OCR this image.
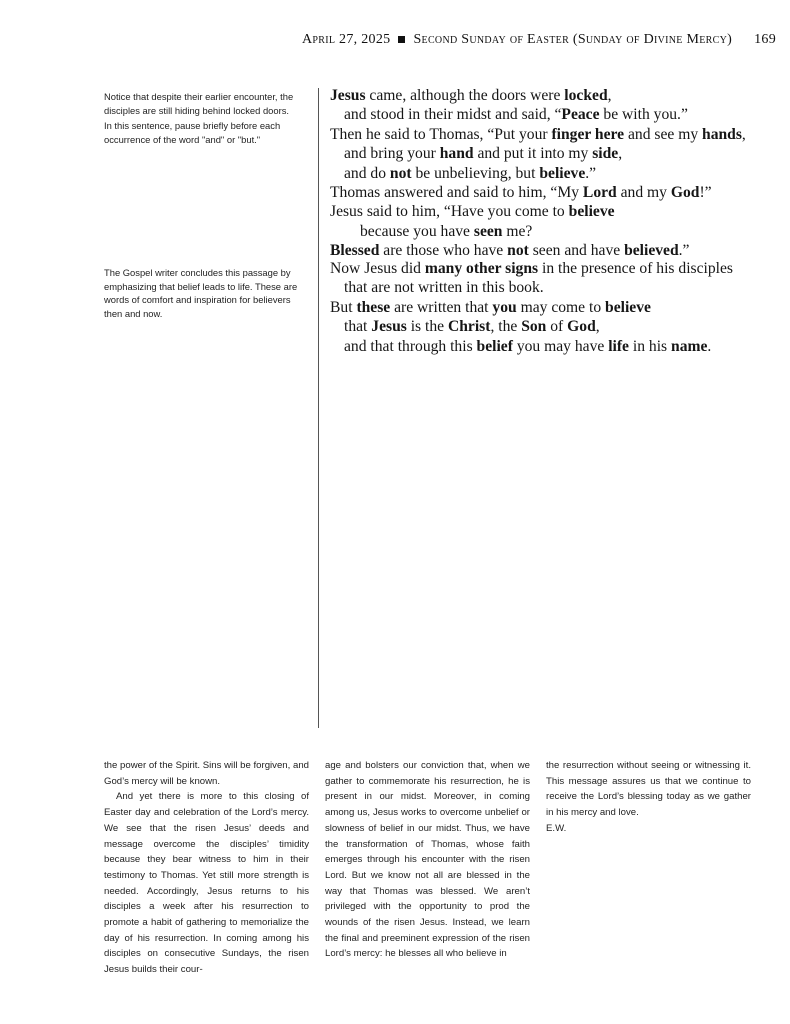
April 27, 2025 Second Sunday of Easter (Sunday of Divine Mercy) 169

Notice that despite their earlier encounter, the disciples are still hiding behind locked doors.

In this sentence, pause briefly before each occurrence of the word "and" or "but."

The Gospel writer concludes this passage by emphasizing that belief leads to life. These are words of comfort and inspiration for believers then and now.

Jesus came, although the doors were locked,
and stood in their midst and said, “Peace be with you.”
Then he said to Thomas, “Put your finger here and see my hands,
and bring your hand and put it into my side,
and do not be unbelieving, but believe.”
Thomas answered and said to him, “My Lord and my God!”
Jesus said to him, “Have you come to believe
because you have seen me?
Blessed are those who have not seen and have believed.”
Now Jesus did many other signs in the presence of his disciples
that are not written in this book.
But these are written that you may come to believe
that Jesus is the Christ, the Son of God,
and that through this belief you may have life in his name.

the power of the Spirit. Sins will be forgiven, and God’s mercy will be known.

And yet there is more to this closing of Easter day and celebration of the Lord’s mercy. We see that the risen Jesus’ deeds and message overcome the disciples’ timidity because they bear witness to him in their testimony to Thomas. Yet still more strength is needed. Accordingly, Jesus returns to his disciples a week after his resurrection to promote a habit of gathering to memorialize the day of his resurrection. In coming among his disciples on consecutive Sundays, the risen Jesus builds their cour-

age and bolsters our conviction that, when we gather to commemorate his resurrection, he is present in our midst. Moreover, in coming among us, Jesus works to overcome unbelief or slowness of belief in our midst. Thus, we have the transformation of Thomas, whose faith emerges through his encounter with the risen Lord. But we know not all are blessed in the way that Thomas was blessed. We aren’t privileged with the opportunity to prod the wounds of the risen Jesus. Instead, we learn the final and preeminent expression of the risen Lord’s mercy: he blesses all who believe in

the resurrection without seeing or witnessing it. This message assures us that we continue to receive the Lord’s blessing today as we gather in his mercy and love.

E.W.
